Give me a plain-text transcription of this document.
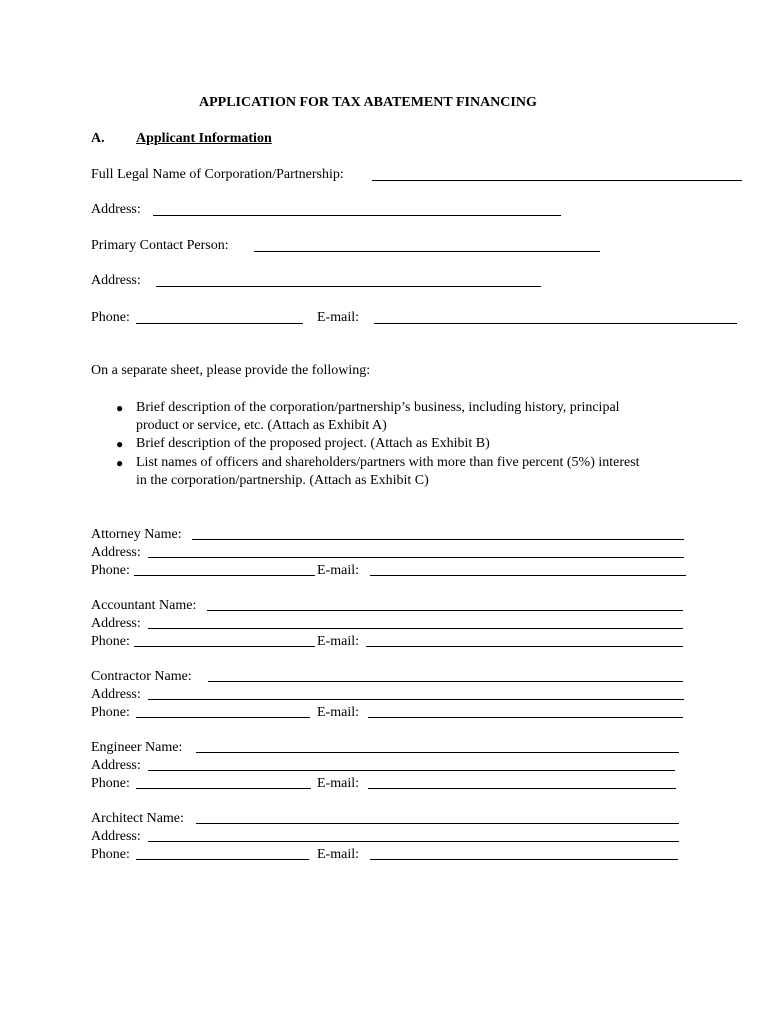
APPLICATION FOR TAX ABATEMENT FINANCING
A. Applicant Information
Full Legal Name of Corporation/Partnership:
Address:
Primary Contact Person:
Address:
Phone:	E-mail:
On a separate sheet, please provide the following:
● Brief description of the corporation/partnership’s business, including history, principal
product or service, etc. (Attach as Exhibit A)
● Brief description of the proposed project. (Attach as Exhibit B)
● List names of officers and shareholders/partners with more than five percent (5%) interest
in the corporation/partnership. (Attach as Exhibit C)
Attorney Name:
Address:
Phone:	E-mail:
Accountant Name:
Address:
Phone:	E-mail:
Contractor Name:
Address:
Phone:	E-mail:
Engineer Name:
Address:
Phone:	E-mail:
Architect Name:
Address:
Phone:	E-mail:
